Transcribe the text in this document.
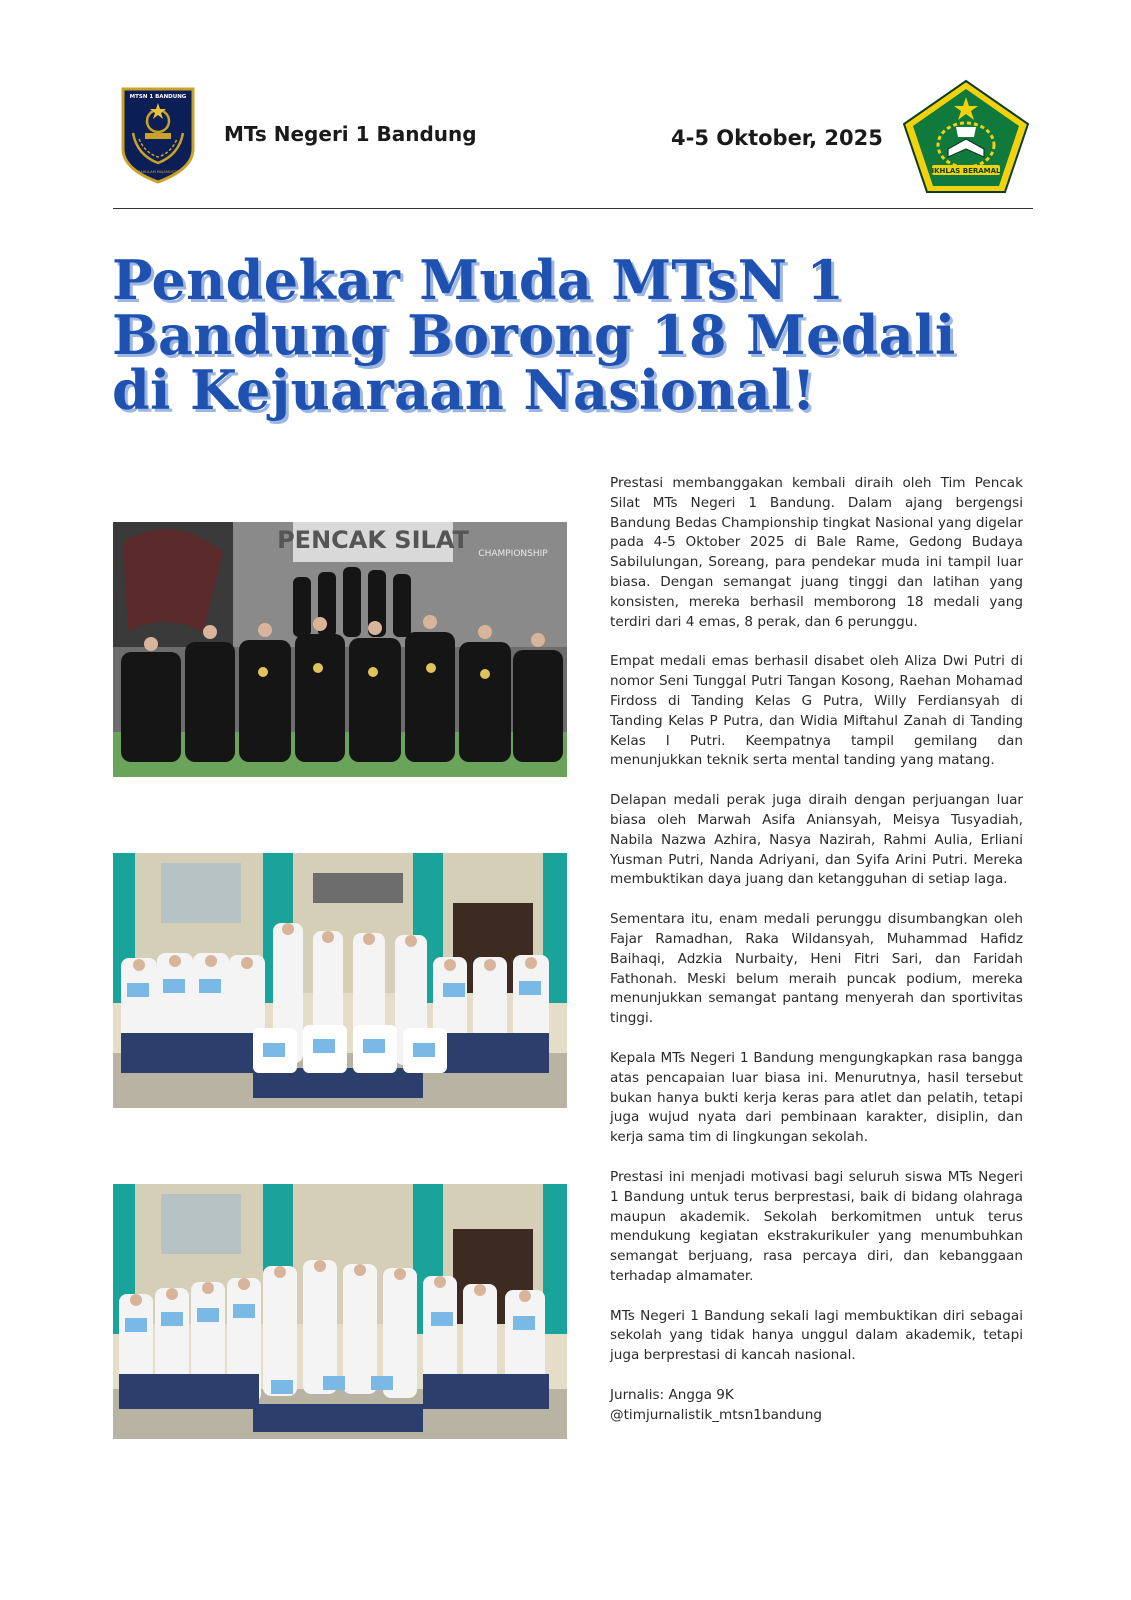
MTSN 1 BANDUNG
BAHULAM MAJAMUSTA
MTs Negeri 1 Bandung	4-5 Oktober, 2025
IKHLAS BERAMAL
Pendekar Muda MTsN 1 Bandung Borong 18 Medali di Kejuaraan Nasional!
PENCAK SILAT CHAMPIONSHIP

Prestasi membanggakan kembali diraih oleh Tim Pencak Silat MTs Negeri 1 Bandung. Dalam ajang bergengsi Bandung Bedas Championship tingkat Nasional yang digelar pada 4-5 Oktober 2025 di Bale Rame, Gedong Budaya Sabilulungan, Soreang, para pendekar muda ini tampil luar biasa. Dengan semangat juang tinggi dan latihan yang konsisten, mereka berhasil memborong 18 medali yang terdiri dari 4 emas, 8 perak, dan 6 perunggu.

Empat medali emas berhasil disabet oleh Aliza Dwi Putri di nomor Seni Tunggal Putri Tangan Kosong, Raehan Mohamad Firdoss di Tanding Kelas G Putra, Willy Ferdiansyah di Tanding Kelas P Putra, dan Widia Miftahul Zanah di Tanding Kelas I Putri. Keempatnya tampil gemilang dan menunjukkan teknik serta mental tanding yang matang.

Delapan medali perak juga diraih dengan perjuangan luar biasa oleh Marwah Asifa Aniansyah, Meisya Tusyadiah, Nabila Nazwa Azhira, Nasya Nazirah, Rahmi Aulia, Erliani Yusman Putri, Nanda Adriyani, dan Syifa Arini Putri. Mereka membuktikan daya juang dan ketangguhan di setiap laga.

Sementara itu, enam medali perunggu disumbangkan oleh Fajar Ramadhan, Raka Wildansyah, Muhammad Hafidz Baihaqi, Adzkia Nurbaity, Heni Fitri Sari, dan Faridah Fathonah. Meski belum meraih puncak podium, mereka menunjukkan semangat pantang menyerah dan sportivitas tinggi.

Kepala MTs Negeri 1 Bandung mengungkapkan rasa bangga atas pencapaian luar biasa ini. Menurutnya, hasil tersebut bukan hanya bukti kerja keras para atlet dan pelatih, tetapi juga wujud nyata dari pembinaan karakter, disiplin, dan kerja sama tim di lingkungan sekolah.

Prestasi ini menjadi motivasi bagi seluruh siswa MTs Negeri 1 Bandung untuk terus berprestasi, baik di bidang olahraga maupun akademik. Sekolah berkomitmen untuk terus mendukung kegiatan ekstrakurikuler yang menumbuhkan semangat berjuang, rasa percaya diri, dan kebanggaan terhadap almamater.

MTs Negeri 1 Bandung sekali lagi membuktikan diri sebagai sekolah yang tidak hanya unggul dalam akademik, tetapi juga berprestasi di kancah nasional.

Jurnalis: Angga 9K
@timjurnalistik_mtsn1bandung
